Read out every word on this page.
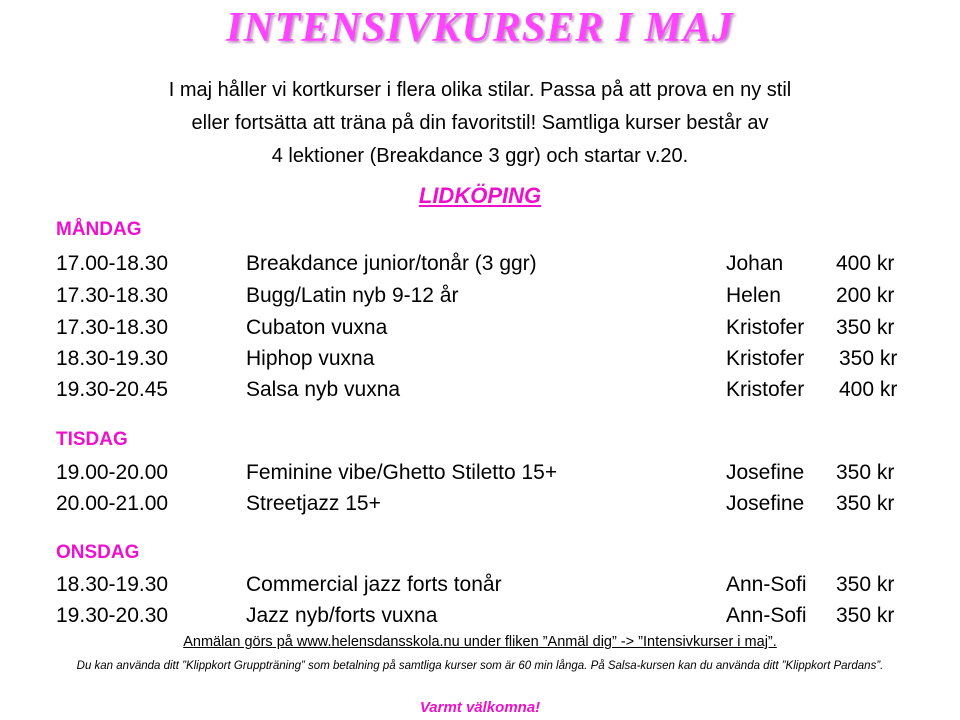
INTENSIVKURSER I MAJ
I maj håller vi kortkurser i flera olika stilar. Passa på att prova en ny stil
eller fortsätta att träna på din favoritstil! Samtliga kurser består av
4 lektioner (Breakdance 3 ggr) och startar v.20.
LIDKÖPING
MÅNDAG
17.00-18.30	Breakdance junior/tonår (3 ggr)	Johan	400 kr
17.30-18.30	Bugg/Latin nyb 9-12 år	Helen	200 kr
17.30-18.30	Cubaton vuxna	Kristofer 350 kr
18.30-19.30	Hiphop vuxna	Kristofer 350 kr
19.30-20.45	Salsa nyb vuxna	Kristofer 400 kr
TISDAG
19.00-20.00	Feminine vibe/Ghetto Stiletto 15+	Josefine 350 kr
20.00-21.00	Streetjazz 15+	Josefine 350 kr
ONSDAG
18.30-19.30	Commercial jazz forts tonår	Ann-Sofi 350 kr
19.30-20.30	Jazz nyb/forts vuxna	Ann-Sofi 350 kr
Anmälan görs på www.helensdansskola.nu under fliken ”Anmäl dig” -> ”Intensivkurser i maj”.
Du kan använda ditt ”Klippkort Gruppträning” som betalning på samtliga kurser som är 60 min långa. På Salsa-kursen kan du använda ditt ”Klippkort Pardans”.
Varmt välkomna!
